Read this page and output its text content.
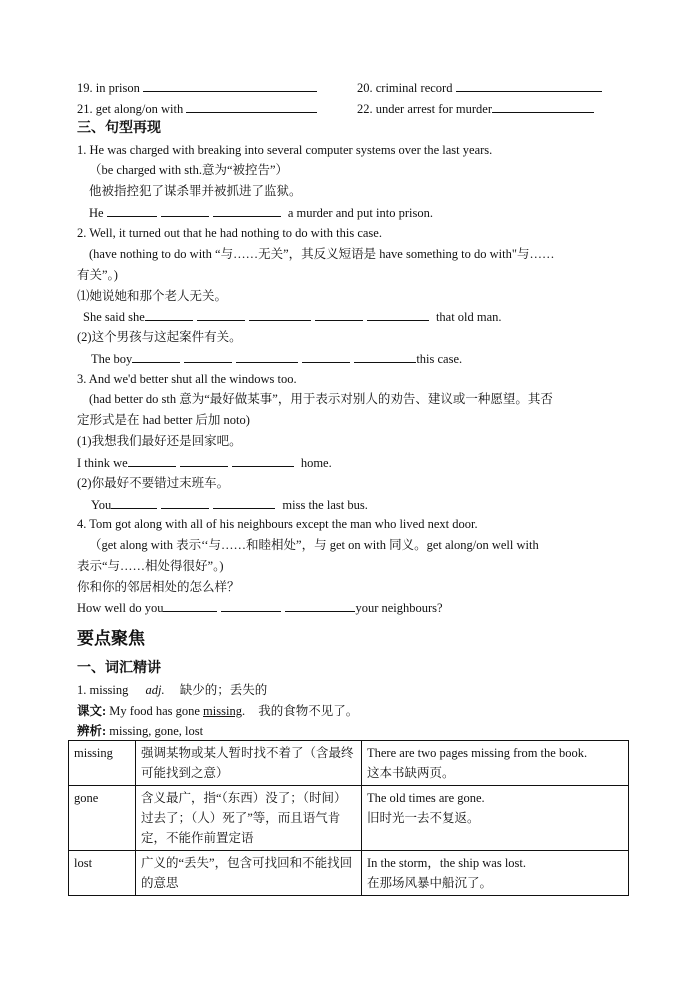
19. in prison	20. criminal record
21. get along/on with	22. under arrest for murder
三、句型再现
1. He was charged with breaking into several computer systems over the last years.
（be charged with sth.意为“被控告”）
他被指控犯了谋杀罪并被抓进了监狱。
He	a murder and put into prison.
2. Well, it turned out that he had nothing to do with this case.
(have nothing to do with “与……无关”，其反义短语是 have something to do with"与……
有关”。)
⑴她说她和那个老人无关。
She said she	that old man.
(2)这个男孩与这起案件有关。
The boy	this case.
3. And we'd better shut all the windows too.
(had better do sth 意为“最好做某事”，用于表示对别人的劝告、建议或一种愿望。其否
定形式是在 had better 后加 noto)
(1)我想我们最好还是回家吧。
I think we	home.
(2)你最好不要错过末班车。
You	miss the last bus.
4. Tom got along with all of his neighbours except the man who lived next door.
（get along with 表示‘‘与……和睦相处”，与 get on with 同义。get along/on well with
表示“与……相处得很好”。)
你和你的邻居相处的怎么样？
How well do you	your neighbours?
要点聚焦
一、词汇精讲
1. missing adj. 缺少的；丢失的
课文: My food has gone missing. 我的食物不见了。
辨析: missing, gone, lost
missing	强调某物或某人暂时找不着了（含最终可能找到之意）	There are two pages missing from the book.
这本书缺两页。

gone	含义最广，指“（东西）没了；（时间）过去了；（人）死了”等，而且语气肯定，不能作前置定语	The old times are gone.
旧时光一去不复返。

lost	广义的“丢失”，包含可找回和不能找回的意思	In the storm，the ship was lost.
在那场风暴中船沉了。
